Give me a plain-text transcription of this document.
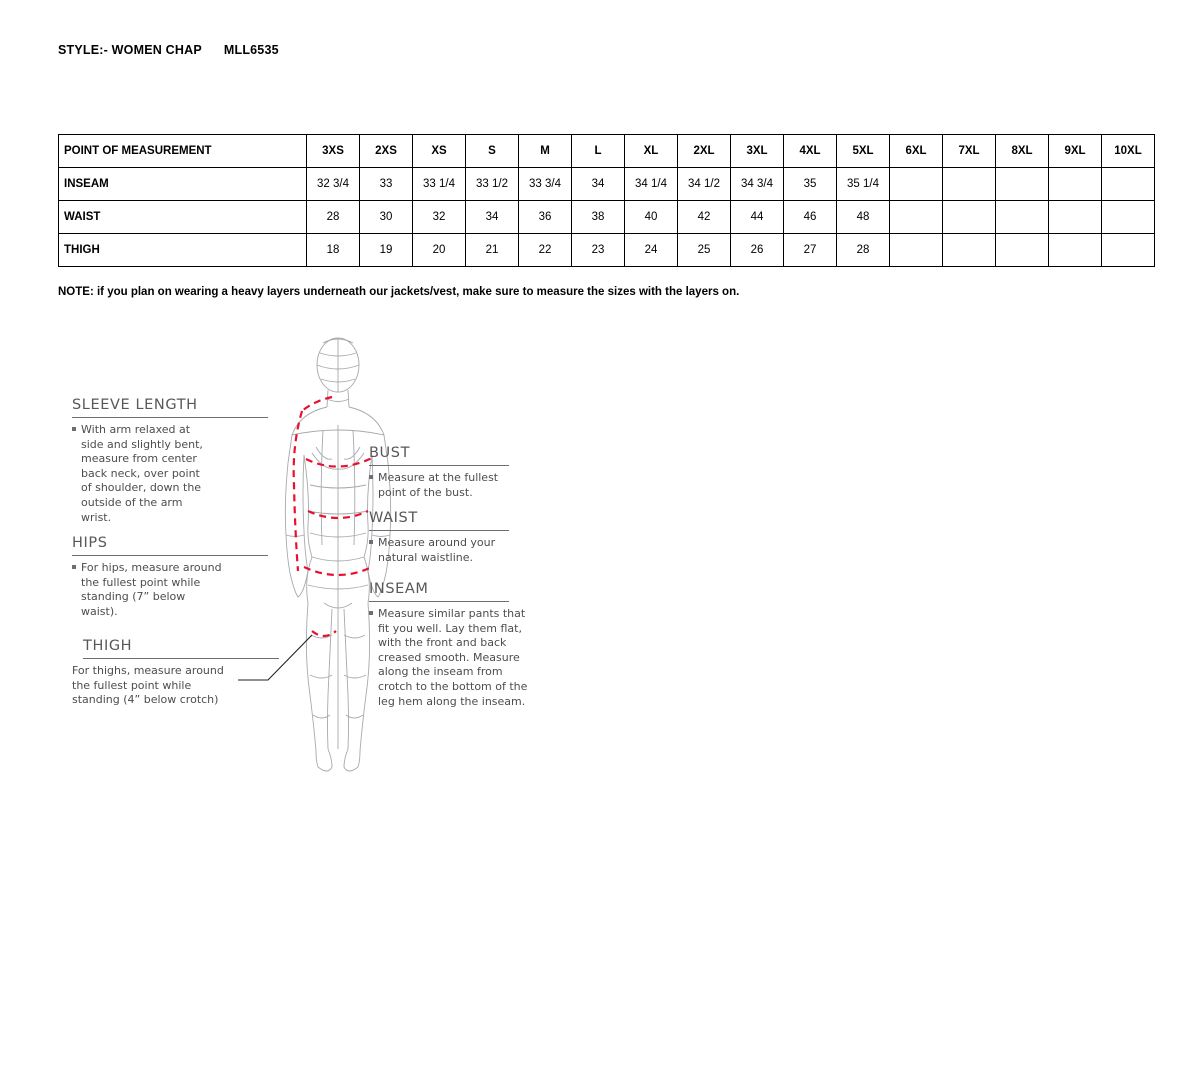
STYLE:- WOMEN CHAP MLL6535
POINT OF MEASUREMENT	3XS	2XS	XS	S	M	L	XL	2XL	3XL	4XL	5XL	6XL	7XL	8XL	9XL	10XL
INSEAM	32 3/4	33	33 1/4	33 1/2	33 3/4	34	34 1/4	34 1/2	34 3/4	35	35 1/4					
WAIST	28	30	32	34	36	38	40	42	44	46	48					
THIGH	18	19	20	21	22	23	24	25	26	27	28					
NOTE: if you plan on wearing a heavy layers underneath our jackets/vest, make sure to measure the sizes with the layers on.
SLEEVE LENGTH
With arm relaxed at side and slightly bent, measure from center back neck, over point of shoulder, down the outside of the arm wrist.
HIPS
For hips, measure around the fullest point while standing (7” below waist).
THIGH
For thighs, measure around the fullest point while standing (4” below crotch)
BUST
Measure at the fullest point of the bust.
WAIST
Measure around your natural waistline.
INSEAM
Measure similar pants that fit you well. Lay them flat, with the front and back creased smooth. Measure along the inseam from crotch to the bottom of the leg hem along the inseam.
